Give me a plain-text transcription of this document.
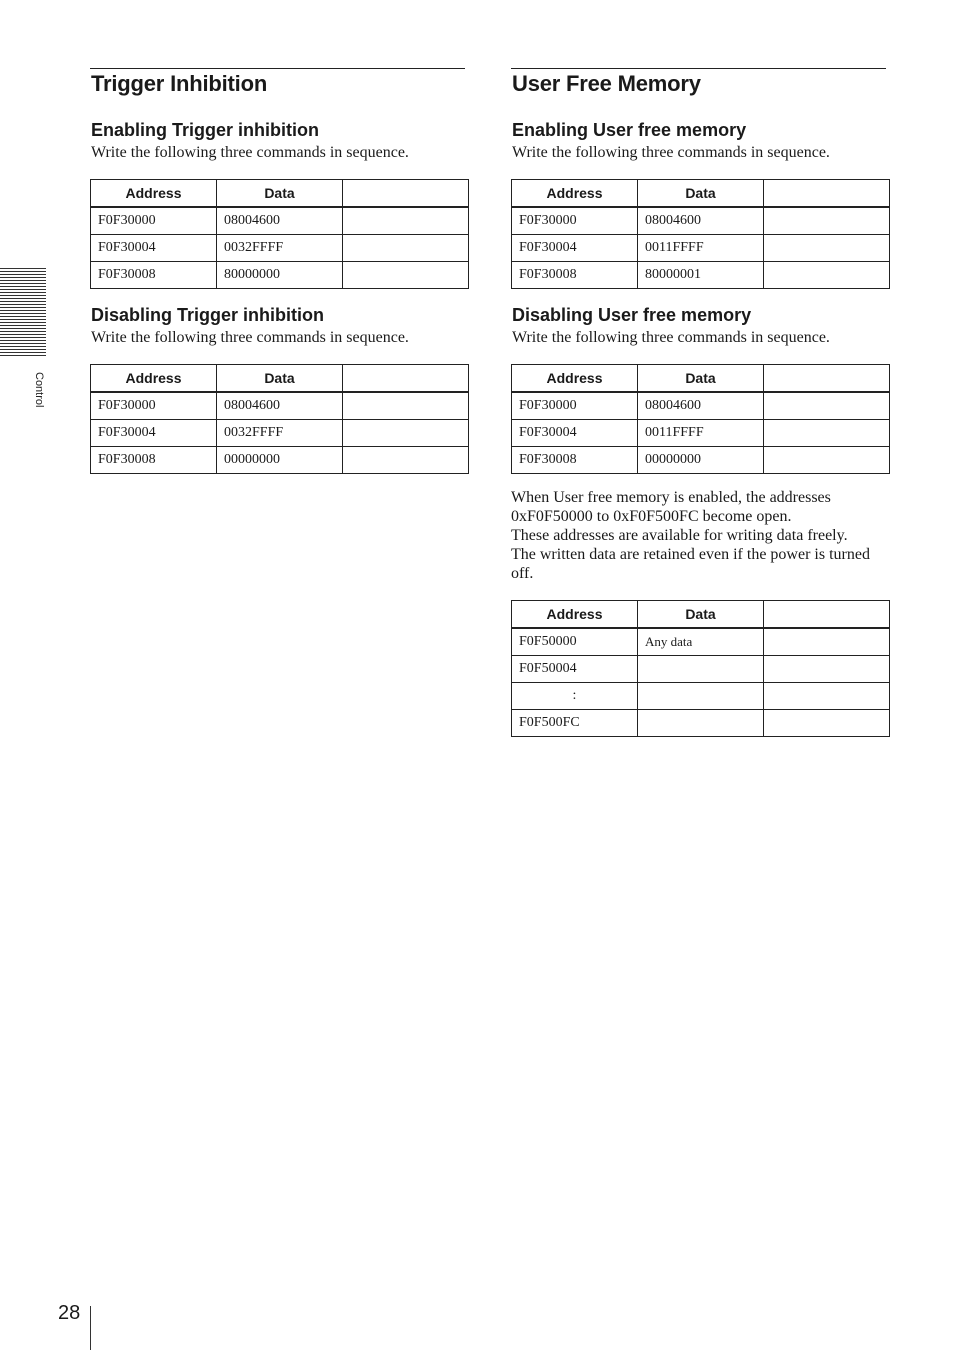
Control
Trigger Inhibition
Enabling Trigger inhibition

Write the following three commands in sequence.

Address	Data	
F0F30000	08004600	
F0F30004	0032FFFF	
F0F30008	80000000	
Disabling Trigger inhibition

Write the following three commands in sequence.

Address	Data	
F0F30000	08004600	
F0F30004	0032FFFF	
F0F30008	00000000	
User Free Memory
Enabling User free memory

Write the following three commands in sequence.

Address	Data	
F0F30000	08004600	
F0F30004	0011FFFF	
F0F30008	80000001	
Disabling User free memory

Write the following three commands in sequence.

Address	Data	
F0F30000	08004600	
F0F30004	0011FFFF	
F0F30008	00000000	

When User free memory is enabled, the addresses
0xF0F50000 to 0xF0F500FC become open.
These addresses are available for writing data freely.
The written data are retained even if the power is turned
off.

Address	Data	
F0F50000	Any data	
F0F50004		
:		
F0F500FC		
28
